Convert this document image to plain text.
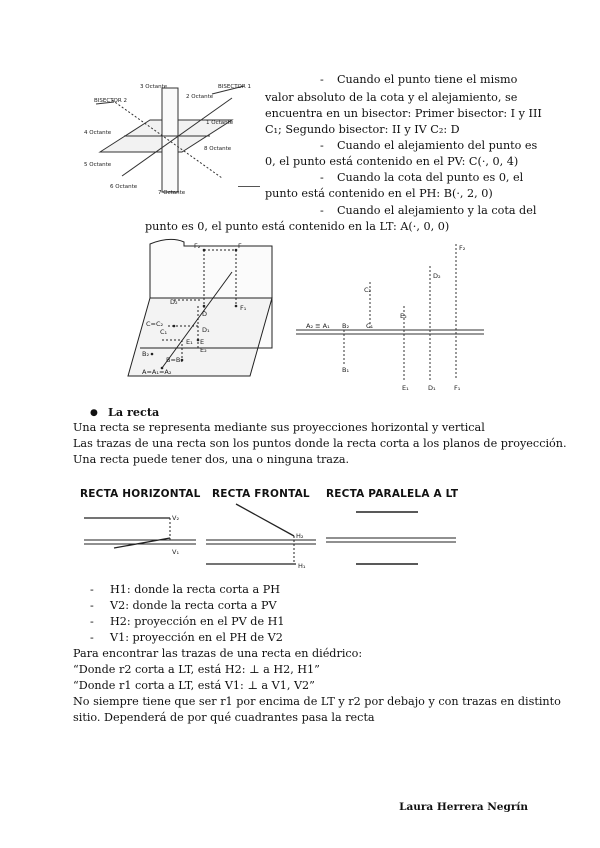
3 Octante
2 Octante
BISECTOR 1
BISECTOR 2
4 Octante
1 Octante
8 Octante
5 Octante
6 Octante
7 Octante
- Cuando el punto tiene el mismo
valor absoluto de la cota y el alejamiento, se
encuentra en un bisector: Primer bisector: I y III
C₁; Segundo bisector: II y IV C₂: D
- Cuando el alejamiento del punto es
0, el punto está contenido en el PV: C(·, 0, 4)
- Cuando la cota del punto es 0, el
punto está contenido en el PH: B(·, 2, 0)
- Cuando el alejamiento y la cota del
punto es 0, el punto está contenido en la LT: A(·, 0, 0)
F₂	F
F₁
D₂
D
C=C₂
C₁	D₁
E
E₂
E₁
B=B₁
B₂
A=A₁=A₂
F₂
D₂
C₂
E₂
A₂ ≡ A₁ B₂	C₁
B₁
E₁	D₁	F₁
● La recta
Una recta se representa mediante sus proyecciones horizontal y vertical
Las trazas de una recta son los puntos donde la recta corta a los planos de proyección.
Una recta puede tener dos, una o ninguna traza.
RECTA HORIZONTAL RECTA FRONTAL RECTA PARALELA A LT
V₂
V₁
H₂
H₁
- H1: donde la recta corta a PH
- V2: donde la recta corta a PV
- H2: proyección en el PV de H1
- V1: proyección en el PH de V2
Para encontrar las trazas de una recta en diédrico:
“Donde r2 corta a LT, está H2: ⊥ a H2, H1”
“Donde r1 corta a LT, está V1: ⊥ a V1, V2”
No siempre tiene que ser r1 por encima de LT y r2 por debajo y con trazas en distinto
sitio. Dependerá de por qué cuadrantes pasa la recta
Laura Herrera Negrín
